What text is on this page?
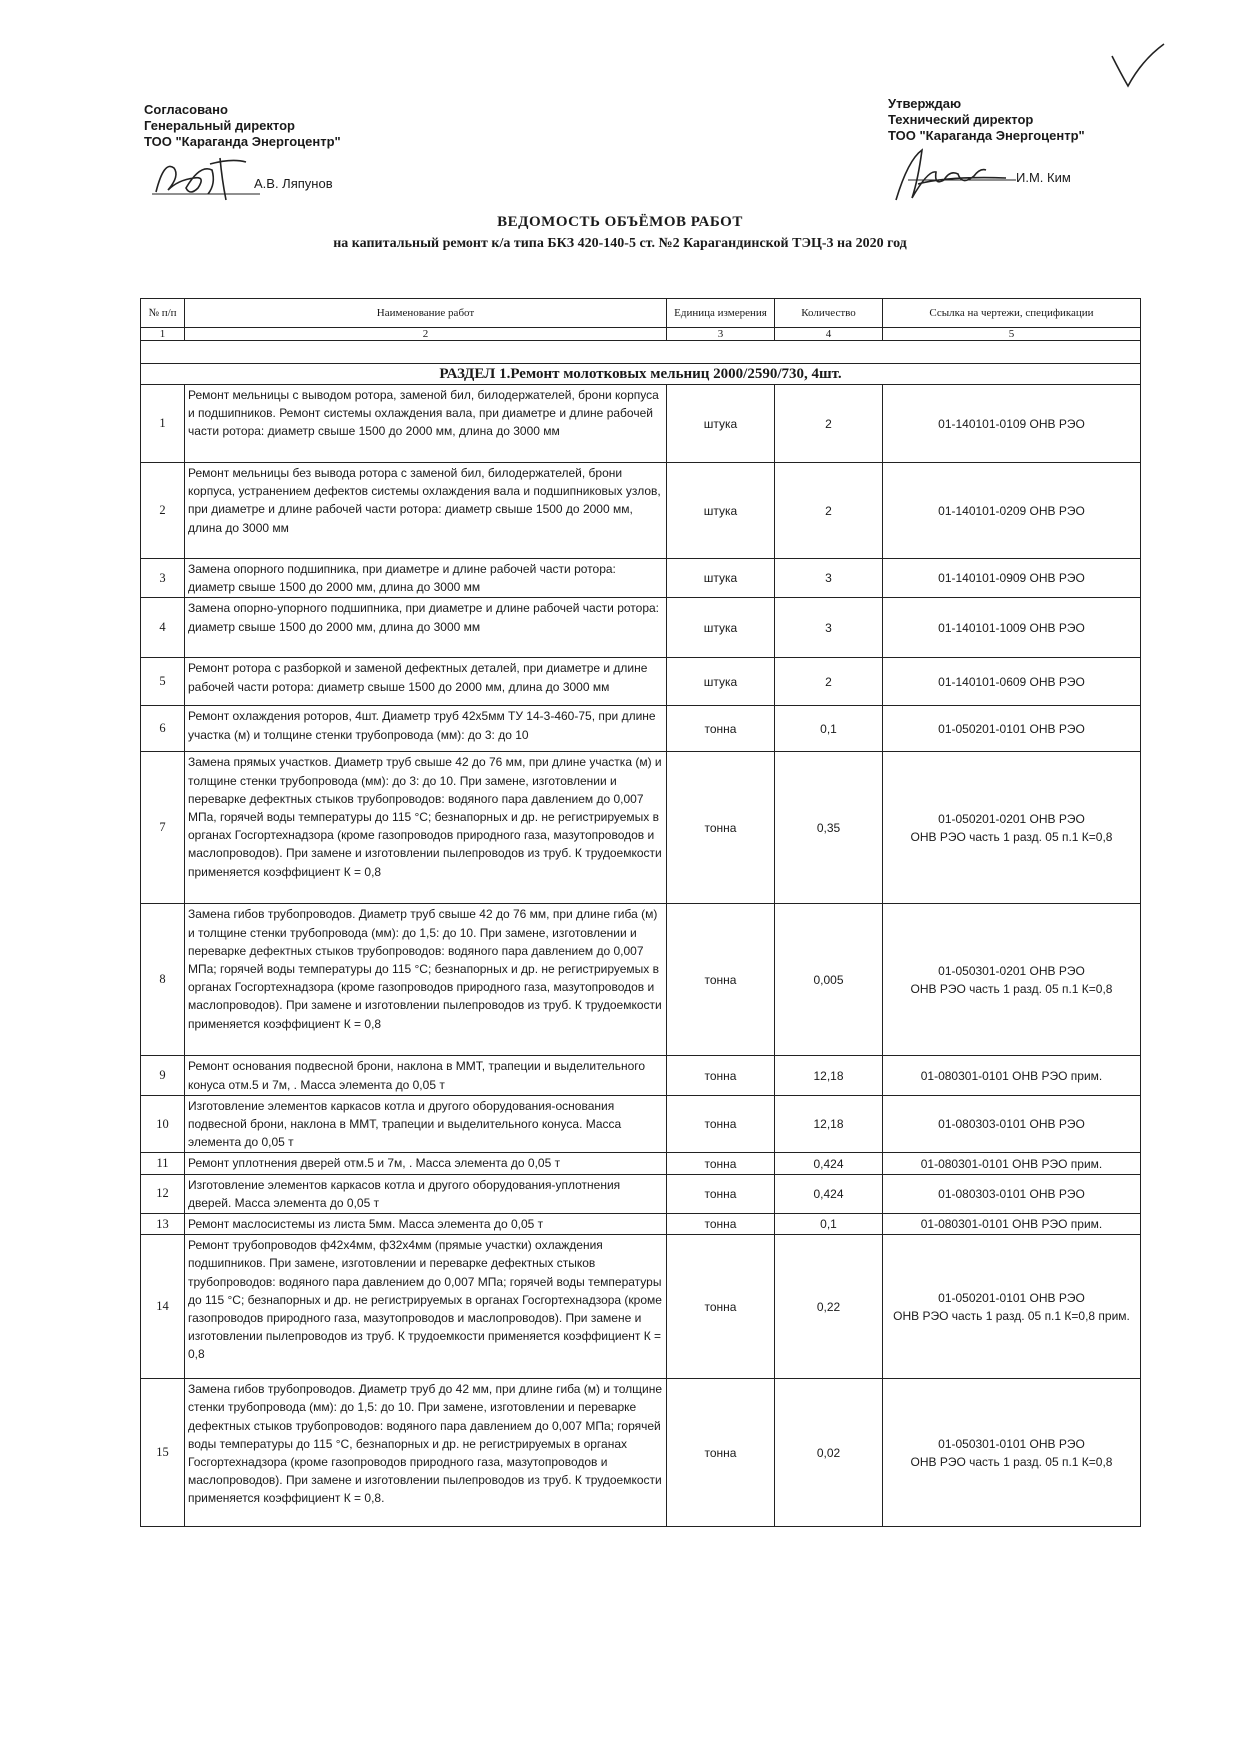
Согласовано
Генеральный директор
ТОО "Караганда Энергоцентр"
А.В. Ляпунов
Утверждаю
Технический директор
ТОО "Караганда Энергоцентр"
И.М. Ким
ВЕДОМОСТЬ ОБЪЁМОВ РАБОТ
на капитальный ремонт к/а типа БКЗ 420-140-5 ст. №2 Карагандинской ТЭЦ-3 на 2020 год
№ п/п	Наименование работ	Единица измерения	Количество	Ссылка на чертежи, спецификации
1	2	3	4	5

РАЗДЕЛ 1.Ремонт молотковых мельниц 2000/2590/730, 4шт.				
1	Ремонт мельницы с выводом ротора, заменой бил, билодержателей, брони корпуса и подшипников. Ремонт системы охлаждения вала, при диаметре и длине рабочей части ротора: диаметр свыше 1500 до 2000 мм, длина до 3000 мм	штука	2	01-140101-0109 ОНВ РЭО
2	Ремонт мельницы без вывода ротора с заменой бил, билодержателей, брони корпуса, устранением дефектов системы охлаждения вала и подшипниковых узлов, при диаметре и длине рабочей части ротора: диаметр свыше 1500 до 2000 мм, длина до 3000 мм	штука	2	01-140101-0209 ОНВ РЭО
3	Замена опорного подшипника, при диаметре и длине рабочей части ротора: диаметр свыше 1500 до 2000 мм, длина до 3000 мм	штука	3	01-140101-0909 ОНВ РЭО
4	Замена опорно-упорного подшипника, при диаметре и длине рабочей части ротора: диаметр свыше 1500 до 2000 мм, длина до 3000 мм	штука	3	01-140101-1009 ОНВ РЭО
5	Ремонт ротора с разборкой и заменой дефектных деталей, при диаметре и длине рабочей части ротора: диаметр свыше 1500 до 2000 мм, длина до 3000 мм	штука	2	01-140101-0609 ОНВ РЭО
6	Ремонт охлаждения роторов, 4шт. Диаметр труб 42х5мм ТУ 14-3-460-75, при длине участка (м) и толщине стенки трубопровода (мм): до 3: до 10	тонна	0,1	01-050201-0101 ОНВ РЭО
7	Замена прямых участков. Диаметр труб свыше 42 до 76 мм, при длине участка (м) и толщине стенки трубопровода (мм): до 3: до 10. При замене, изготовлении и переварке дефектных стыков трубопроводов: водяного пара давлением до 0,007 МПа, горячей воды температуры до 115 °С; безнапорных и др. не регистрируемых в органах Госгортехнадзора (кроме газопроводов природного газа, мазутопроводов и маслопроводов). При замене и изготовлении пылепроводов из труб. К трудоемкости применяется коэффициент К = 0,8	тонна	0,35	01-050201-0201 ОНВ РЭО
ОНВ РЭО часть 1 разд. 05 п.1 К=0,8
8	Замена гибов трубопроводов. Диаметр труб свыше 42 до 76 мм, при длине гиба (м) и толщине стенки трубопровода (мм): до 1,5: до 10. При замене, изготовлении и переварке дефектных стыков трубопроводов: водяного пара давлением до 0,007 МПа; горячей воды температуры до 115 °С; безнапорных и др. не регистрируемых в органах Госгортехнадзора (кроме газопроводов природного газа, мазутопроводов и маслопроводов). При замене и изготовлении пылепроводов из труб. К трудоемкости применяется коэффициент К = 0,8	тонна	0,005	01-050301-0201 ОНВ РЭО
ОНВ РЭО часть 1 разд. 05 п.1 К=0,8
9	Ремонт основания подвесной брони, наклона в ММТ, трапеции и выделительного конуса отм.5 и 7м, . Масса элемента до 0,05 т	тонна	12,18	01-080301-0101 ОНВ РЭО прим.
10	Изготовление элементов каркасов котла и другого оборудования-основания подвесной брони, наклона в ММТ, трапеции и выделительного конуса. Масса элемента до 0,05 т	тонна	12,18	01-080303-0101 ОНВ РЭО
11	Ремонт уплотнения дверей отм.5 и 7м, . Масса элемента до 0,05 т	тонна	0,424	01-080301-0101 ОНВ РЭО прим.
12	Изготовление элементов каркасов котла и другого оборудования-уплотнения дверей. Масса элемента до 0,05 т	тонна	0,424	01-080303-0101 ОНВ РЭО
13	Ремонт маслосистемы из листа 5мм. Масса элемента до 0,05 т	тонна	0,1	01-080301-0101 ОНВ РЭО прим.
14	Ремонт трубопроводов ф42х4мм, ф32х4мм (прямые участки) охлаждения подшипников. При замене, изготовлении и переварке дефектных стыков трубопроводов: водяного пара давлением до 0,007 МПа; горячей воды температуры до 115 °С; безнапорных и др. не регистрируемых в органах Госгортехнадзора (кроме газопроводов природного газа, мазутопроводов и маслопроводов). При замене и изготовлении пылепроводов из труб. К трудоемкости применяется коэффициент К = 0,8	тонна	0,22	01-050201-0101 ОНВ РЭО
ОНВ РЭО часть 1 разд. 05 п.1 К=0,8 прим.
15	Замена гибов трубопроводов. Диаметр труб до 42 мм, при длине гиба (м) и толщине стенки трубопровода (мм): до 1,5: до 10. При замене, изготовлении и переварке дефектных стыков трубопроводов: водяного пара давлением до 0,007 МПа; горячей воды температуры до 115 °С, безнапорных и др. не регистрируемых в органах Госгортехнадзора (кроме газопроводов природного газа, мазутопроводов и маслопроводов). При замене и изготовлении пылепроводов из труб. К трудоемкости применяется коэффициент К = 0,8.	тонна	0,02	01-050301-0101 ОНВ РЭО
ОНВ РЭО часть 1 разд. 05 п.1 К=0,8
